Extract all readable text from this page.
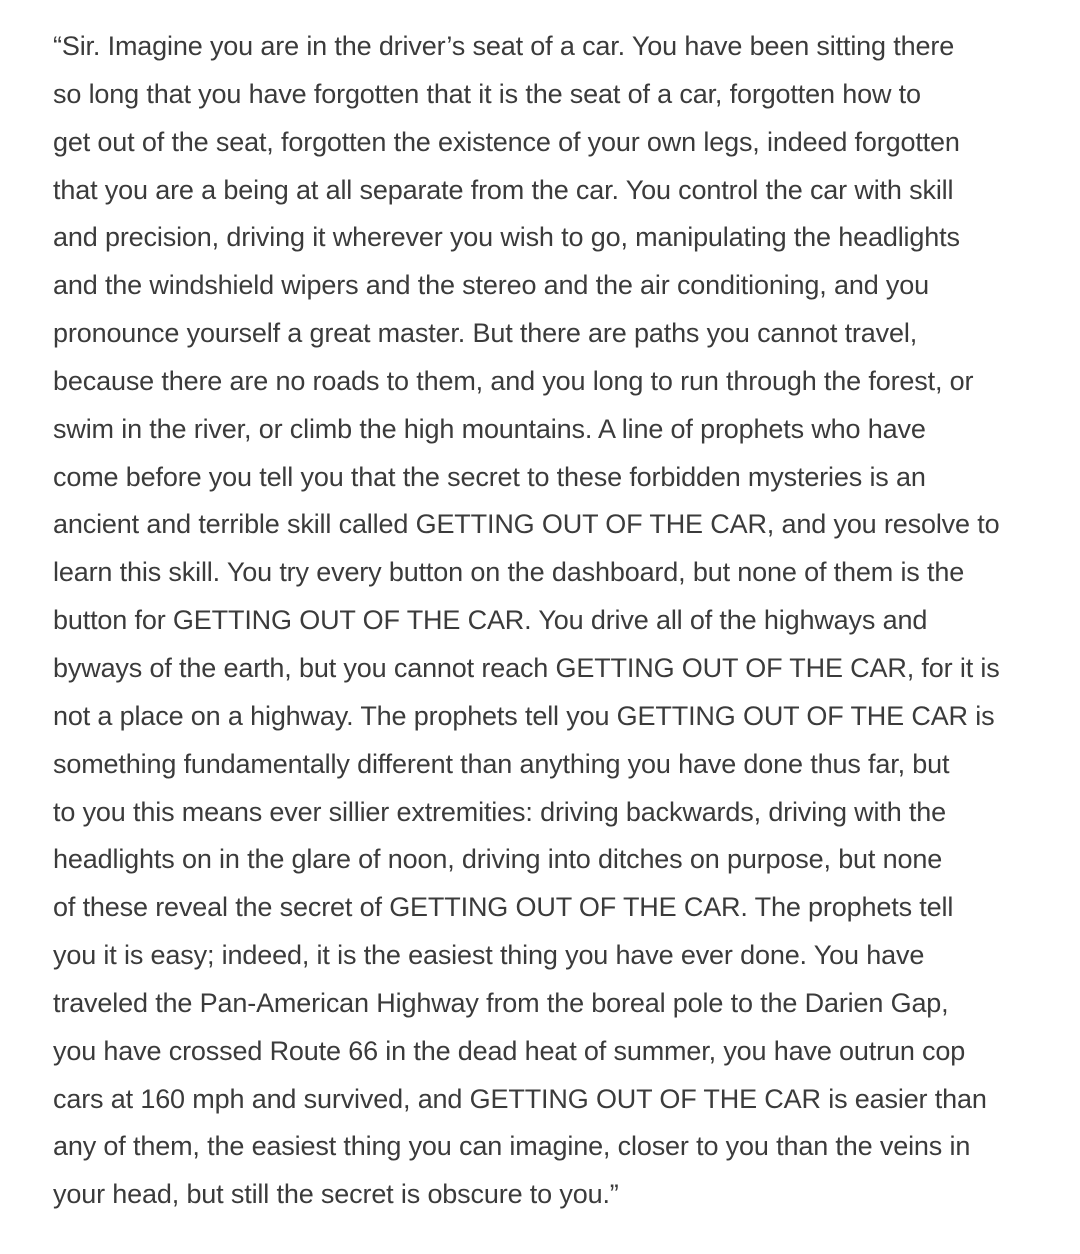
“Sir. Imagine you are in the driver’s seat of a car. You have been sitting there
so long that you have forgotten that it is the seat of a car, forgotten how to
get out of the seat, forgotten the existence of your own legs, indeed forgotten
that you are a being at all separate from the car. You control the car with skill
and precision, driving it wherever you wish to go, manipulating the headlights
and the windshield wipers and the stereo and the air conditioning, and you
pronounce yourself a great master. But there are paths you cannot travel,
because there are no roads to them, and you long to run through the forest, or
swim in the river, or climb the high mountains. A line of prophets who have
come before you tell you that the secret to these forbidden mysteries is an
ancient and terrible skill called GETTING OUT OF THE CAR, and you resolve to
learn this skill. You try every button on the dashboard, but none of them is the
button for GETTING OUT OF THE CAR. You drive all of the highways and
byways of the earth, but you cannot reach GETTING OUT OF THE CAR, for it is
not a place on a highway. The prophets tell you GETTING OUT OF THE CAR is
something fundamentally different than anything you have done thus far, but
to you this means ever sillier extremities: driving backwards, driving with the
headlights on in the glare of noon, driving into ditches on purpose, but none
of these reveal the secret of GETTING OUT OF THE CAR. The prophets tell
you it is easy; indeed, it is the easiest thing you have ever done. You have
traveled the Pan-American Highway from the boreal pole to the Darien Gap,
you have crossed Route 66 in the dead heat of summer, you have outrun cop
cars at 160 mph and survived, and GETTING OUT OF THE CAR is easier than
any of them, the easiest thing you can imagine, closer to you than the veins in
your head, but still the secret is obscure to you.”
